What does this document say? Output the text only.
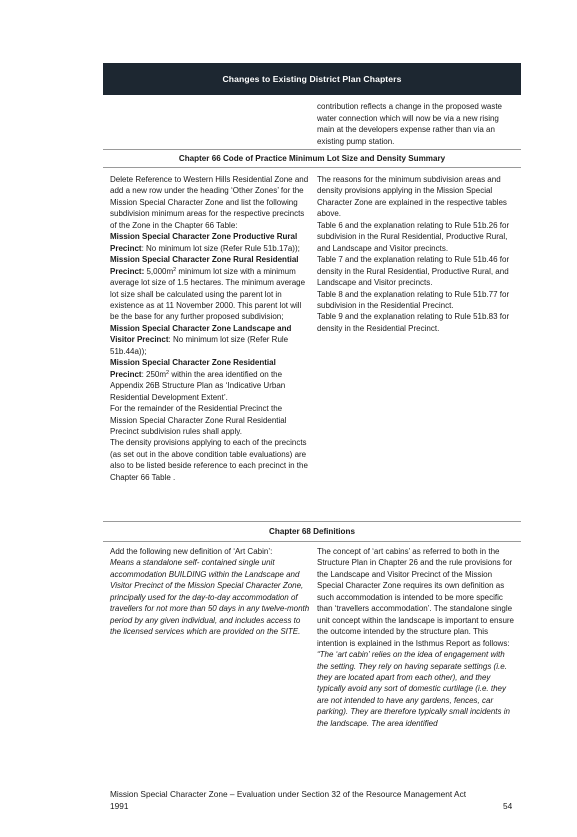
Changes to Existing District Plan Chapters
contribution reflects a change in the proposed waste water connection which will now be via a new rising main at the developers expense rather than via an existing pump station.
Chapter 66 Code of Practice Minimum Lot Size and Density Summary

Delete Reference to Western Hills Residential Zone and add a new row under the heading ‘Other Zones’ for the Mission Special Character Zone and list the following subdivision minimum areas for the respective precincts of the Zone in the Chapter 66 Table:

Mission Special Character Zone Productive Rural Precinct: No minimum lot size (Refer Rule 51b.17a));

Mission Special Character Zone Rural Residential Precinct: $5,000m^2$ minimum lot size with a minimum average lot size of 1.5 hectares. The minimum average lot size shall be calculated using the parent lot in existence as at 11 November 2000. This parent lot will be the base for any further proposed subdivision;

Mission Special Character Zone Landscape and Visitor Precinct: No minimum lot size (Refer Rule 51b.44a));

Mission Special Character Zone Residential Precinct: $250m^2$ within the area identified on the Appendix 26B Structure Plan as ‘Indicative Urban Residential Development Extent’.

For the remainder of the Residential Precinct the Mission Special Character Zone Rural Residential Precinct subdivision rules shall apply.

The density provisions applying to each of the precincts (as set out in the above condition table evaluations) are also to be listed beside reference to each precinct in the Chapter 66 Table .

The reasons for the minimum subdivision areas and density provisions applying in the Mission Special Character Zone are explained in the respective tables above.

Table 6 and the explanation relating to Rule 51b.26 for subdivision in the Rural Residential, Productive Rural, and Landscape and Visitor precincts.

Table 7 and the explanation relating to Rule 51b.46 for density in the Rural Residential, Productive Rural, and Landscape and Visitor precincts.

Table 8 and the explanation relating to Rule 51b.77 for subdivision in the Residential Precinct.

Table 9 and the explanation relating to Rule 51b.83 for density in the Residential Precinct.

Chapter 68 Definitions

Add the following new definition of ‘Art Cabin’:

Means a standalone self- contained single unit accommodation BUILDING within the Landscape and Visitor Precinct of the Mission Special Character Zone, principally used for the day-to-day accommodation of travellers for not more than 50 days in any twelve-month period by any given individual, and includes access to the licensed services which are provided on the SITE.

The concept of ‘art cabins’ as referred to both in the Structure Plan in Chapter 26 and the rule provisions for the Landscape and Visitor Precinct of the Mission Special Character Zone requires its own definition as such accommodation is intended to be more specific than ‘travellers accommodation’. The standalone single unit concept within the landscape is important to ensure the outcome intended by the structure plan. This intention is explained in the Isthmus Report as follows:

“The ‘art cabin’ relies on the idea of engagement with the setting. They rely on having separate settings (i.e. they are located apart from each other), and they typically avoid any sort of domestic curtilage (i.e. they are not intended to have any gardens, fences, car parking). They are therefore typically small incidents in the landscape. The area identified

Mission Special Character Zone – Evaluation under Section 32 of the Resource Management Act 1991	54
